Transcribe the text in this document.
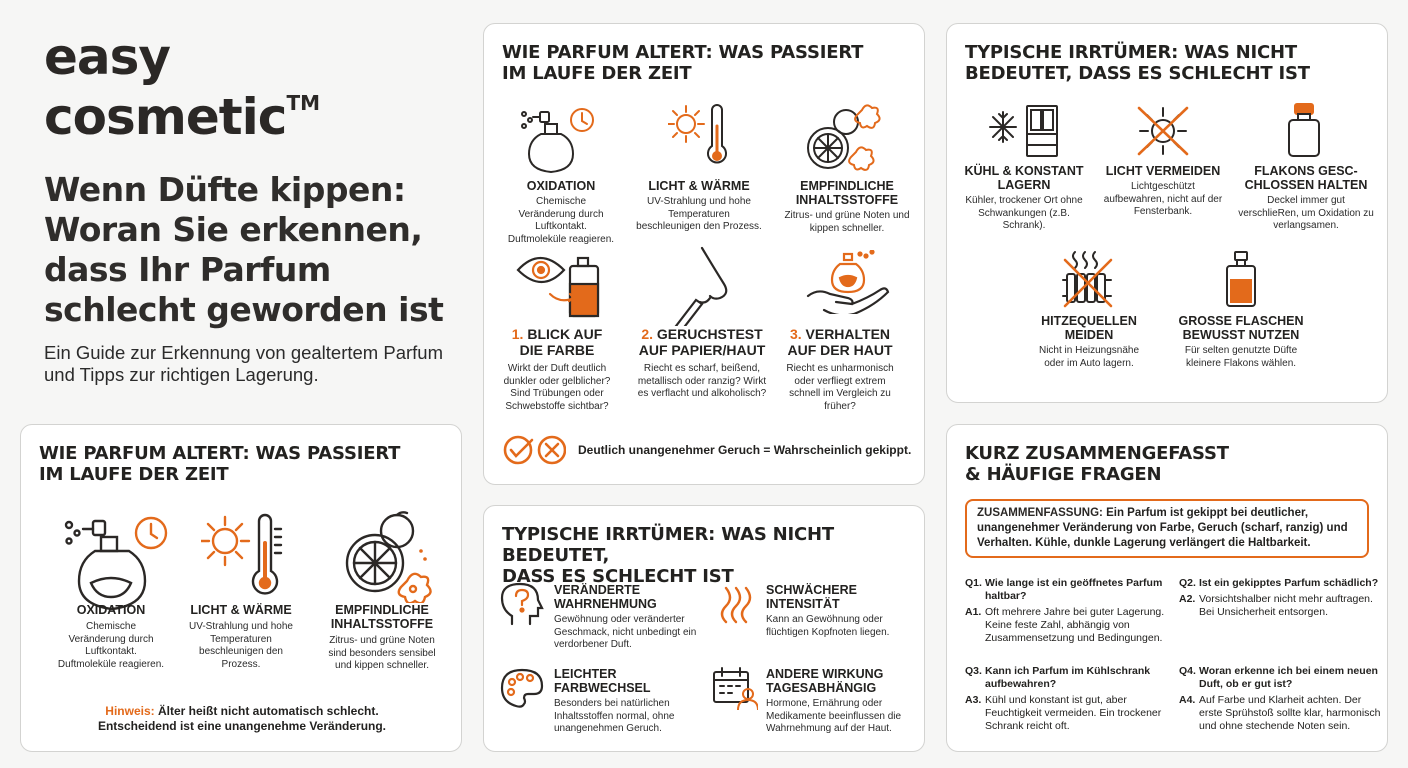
easy
cosmetic™
Wenn Düfte kippen: Woran Sie erkennen, dass Ihr Parfum schlecht geworden ist
Ein Guide zur Erkennung von gealtertem Parfum und Tipps zur richtigen Lagerung.
WIE PARFUM ALTERT: WAS PASSIERT
IM LAUFE DER ZEIT
OXIDATION
Chemische Veränderung durch Luftkontakt. Duftmoleküle reagieren.
LICHT & WÄRME
UV-Strahlung und hohe Temperaturen beschleunigen den Prozess.
EMPFINDLICHE INHALTSSTOFFE
Zitrus- und grüne Noten sind besonders sensibel und kippen schneller.
Hinweis: Älter heißt nicht automatisch schlecht.
Entscheidend ist eine unangenehme Veränderung.
WIE PARFUM ALTERT: WAS PASSIERT
IM LAUFE DER ZEIT
OXIDATION
Chemische Veränderung durch Luftkontakt. Duftmoleküle reagieren.
LICHT & WÄRME
UV-Strahlung und hohe Temperaturen beschleunigen den Prozess.
EMPFINDLICHE INHALTSSTOFFE
Zitrus- und grüne Noten und kippen schneller.
1. BLICK AUF DIE FARBE
Wirkt der Duft deutlich dunkler oder gelblicher? Sind Trübungen oder Schwebstoffe sichtbar?
2. GERUCHSTEST AUF PAPIER/HAUT
Riecht es scharf, beißend, metallisch oder ranzig? Wirkt es verflacht und alkoholisch?
3. VERHALTEN AUF DER HAUT
Riecht es unharmonisch oder verfliegt extrem schnell im Vergleich zu früher?
Deutlich unangenehmer Geruch = Wahrscheinlich gekippt.
TYPISCHE IRRTÜMER: WAS NICHT BEDEUTET,
DASS ES SCHLECHT IST
VERÄNDERTE WAHRNEHMUNG
Gewöhnung oder veränderter Geschmack, nicht unbedingt ein verdorbener Duft.
SCHWÄCHERE INTENSITÄT
Kann an Gewöhnung oder flüchtigen Kopfnoten liegen.
LEICHTER FARBWECHSEL
Besonders bei natürlichen Inhaltsstoffen normal, ohne unangenehmen Geruch.
ANDERE WIRKUNG TAGESABHÄNGIG
Hormone, Ernährung oder Medikamente beeinflussen die Wahrnehmung auf der Haut.
TYPISCHE IRRTÜMER: WAS NICHT
BEDEUTET, DASS ES SCHLECHT IST
KÜHL & KONSTANT LAGERN
Kühler, trockener Ort ohne Schwankungen (z.B. Schrank).
LICHT VERMEIDEN
Lichtgeschützt aufbewahren, nicht auf der Fensterbank.
FLAKONS GESC-CHLOSSEN HALTEN
Deckel immer gut verschlieRen, um Oxidation zu verlangsamen.
HITZEQUELLEN MEIDEN
Nicht in Heizungsnähe oder im Auto lagern.
GROSSE FLASCHEN BEWUSST NUTZEN
Für selten genutzte Düfte kleinere Flakons wählen.
KURZ ZUSAMMENGEFASST
& HÄUFIGE FRAGEN
ZUSAMMENFASSUNG: Ein Parfum ist gekippt bei deutlicher, unangenehmer Veränderung von Farbe, Geruch (scharf, ranzig) und Verhalten. Kühle, dunkle Lagerung verlängert die Haltbarkeit.
Q1. Wie lange ist ein geöffnetes Parfum haltbar?
A1. Oft mehrere Jahre bei guter Lagerung. Keine feste Zahl, abhängig von Zusammensetzung und Bedingungen.
Q2. Ist ein gekipptes Parfum schädlich?
A2. Vorsichtshalber nicht mehr auftragen. Bei Unsicherheit entsorgen.
Q3. Kann ich Parfum im Kühlschrank aufbewahren?
A3. Kühl und konstant ist gut, aber Feuchtigkeit vermeiden. Ein trockener Schrank reicht oft.
Q4. Woran erkenne ich bei einem neuen Duft, ob er gut ist?
A4. Auf Farbe und Klarheit achten. Der erste Sprühstoß sollte klar, harmonisch und ohne stechende Noten sein.
